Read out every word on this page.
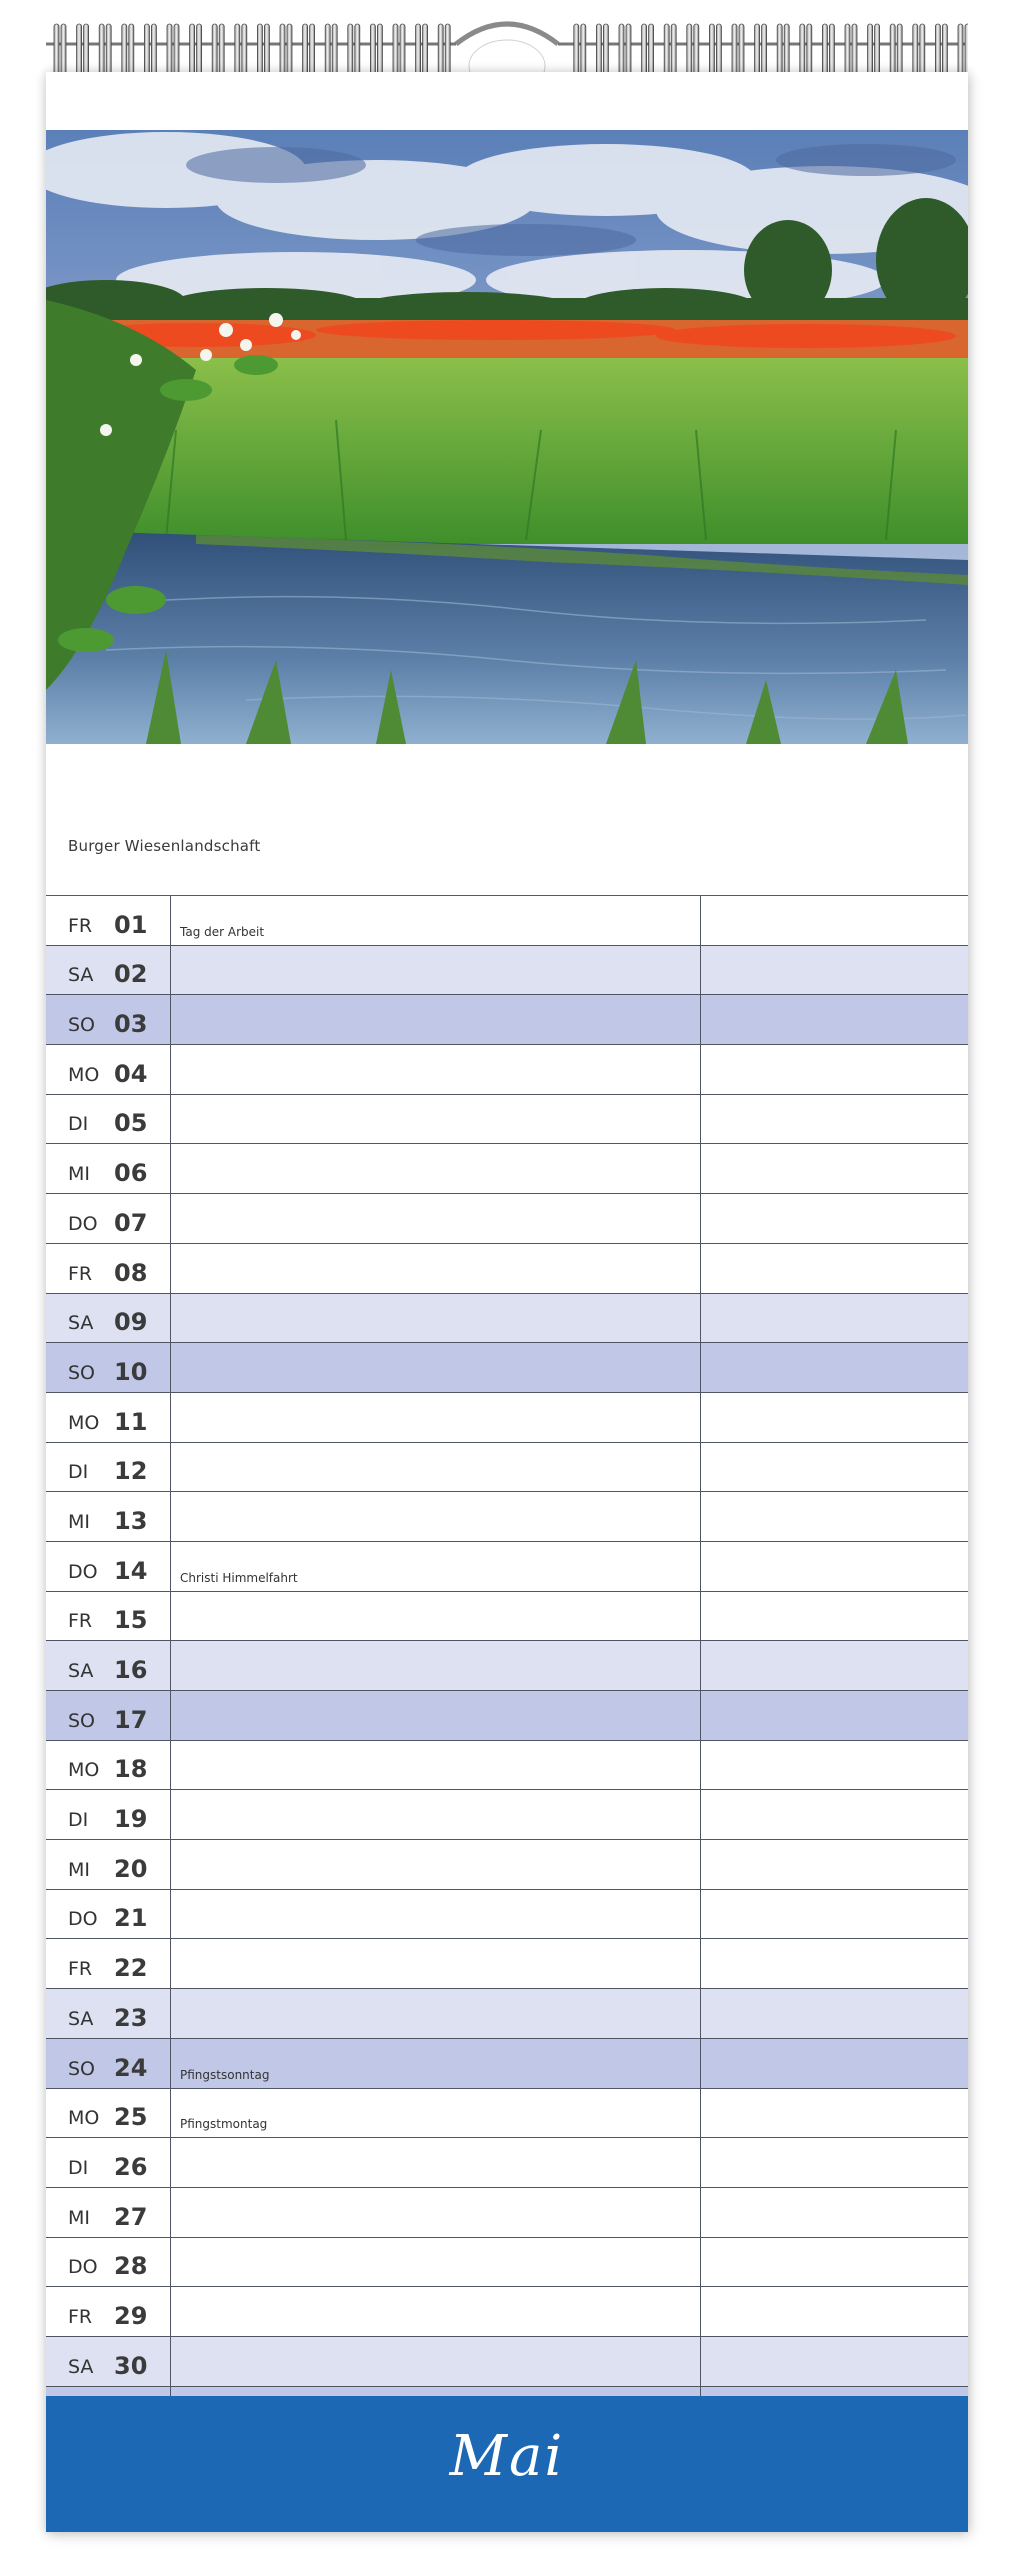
Burger Wiesenlandschaft
FR 01	Tag der Arbeit
SA 02
SO 03
MO 04
DI 05
MI 06
DO 07
FR 08
SA 09
SO 10
MO 11
DI 12
MI 13
DO 14	Christi Himmelfahrt
FR 15
SA 16
SO 17
MO 18
DI 19
MI 20
DO 21
FR 22
SA 23
SO 24	Pfingstsonntag
MO 25	Pfingstmontag
DI 26
MI 27
DO 28
FR 29
SA 30
Mai
